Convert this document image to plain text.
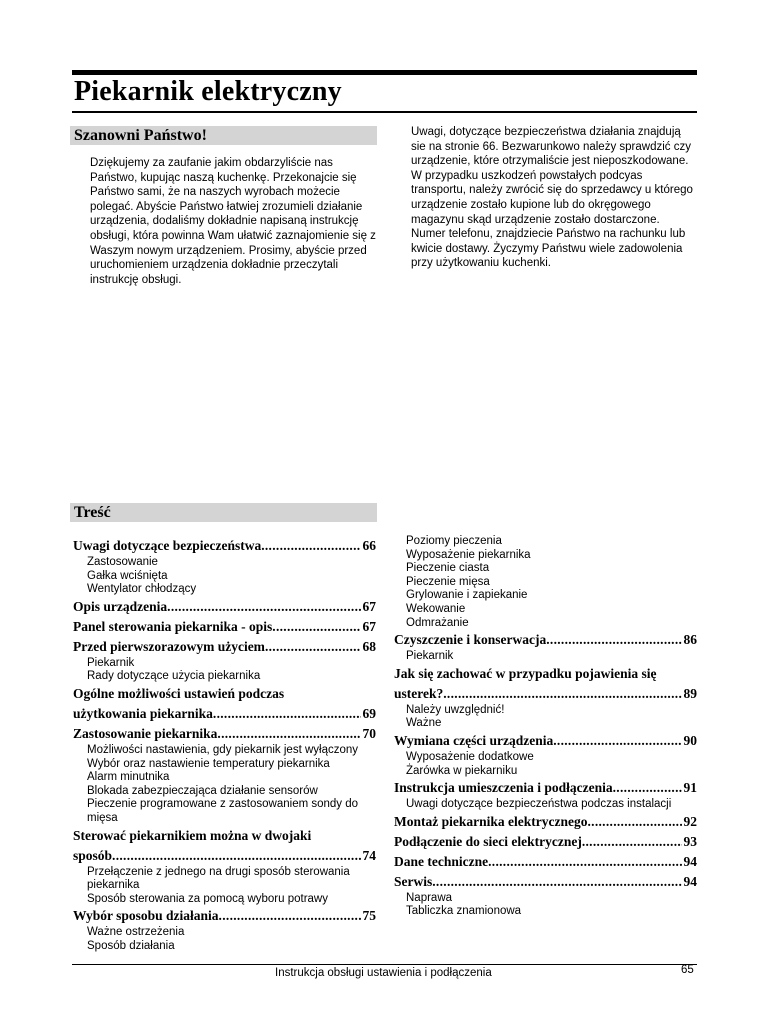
Piekarnik elektryczny
Szanowni Państwo!
Dziękujemy za zaufanie jakim obdarzyliście nas Państwo, kupując naszą kuchenkę. Przekonajcie się Państwo sami, że na naszych wyrobach możecie polegać. Abyście Państwo łatwiej zrozumieli działanie urządzenia, dodaliśmy dokładnie napisaną instrukcję obsługi, która powinna Wam ułatwić zaznajomienie się z Waszym nowym urządzeniem. Prosimy, abyście przed uruchomieniem urządzenia dokładnie przeczytali instrukcję obsługi.
Uwagi, dotyczące bezpieczeństwa działania znajdują sie na stronie 66. Bezwarunkowo należy sprawdzić czy urządzenie, które otrzymaliście jest nieposzkodowane. W przypadku uszkodzeń powstałych podcyas transportu, należy zwrócić się do sprzedawcy u którego urządzenie zostało kupione lub do okręgowego magazynu skąd urządzenie zostało dostarczone. Numer telefonu, znajdziecie Państwo na rachunku lub kwicie dostawy. Życzymy Państwu wiele zadowolenia przy użytkowaniu kuchenki.
Treść
Uwagi dotyczące bezpieczeństwa .....	66
Zastosowanie
Gałka wciśnięta
Wentylator chłodzący
Opis urządzenia .....	67
Panel sterowania piekarnika - opis .....	67
Przed pierwszorazowym użyciem .....	68
Piekarnik
Rady dotyczące użycia piekarnika
Ogólne możliwości ustawień podczas
użytkowania piekarnika .....	69
Zastosowanie piekarnika .....	70
Możliwości nastawienia, gdy piekarnik jest wyłączony
Wybór oraz nastawienie temperatury piekarnika
Alarm minutnika
Blokada zabezpieczająca działanie sensorów
Pieczenie programowane z zastosowaniem sondy do mięsa
Sterować piekarnikiem można w dwojaki
sposób .....	74
Przełączenie z jednego na drugi sposób sterowania piekarnika
Sposób sterowania za pomocą wyboru potrawy
Wybór sposobu działania .....	75
Ważne ostrzeżenia
Sposób działania
Poziomy pieczenia
Wyposażenie piekarnika
Pieczenie ciasta
Pieczenie mięsa
Grylowanie i zapiekanie
Wekowanie
Odmrażanie
Czyszczenie i konserwacja .....	86
Piekarnik
Jak się zachować w przypadku pojawienia się
usterek? .....	89
Należy uwzględnić!
Ważne
Wymiana części urządzenia .....	90
Wyposażenie dodatkowe
Żarówka w piekarniku
Instrukcja umieszczenia i podłączenia .....	91
Uwagi dotyczące bezpieczeństwa podczas instalacji
Montaż piekarnika elektrycznego .....	92
Podłączenie do sieci elektrycznej .....	93
Dane techniczne .....	94
Serwis .....	94
Naprawa
Tabliczka znamionowa
Instrukcja obsługi ustawienia i podłączenia	65
